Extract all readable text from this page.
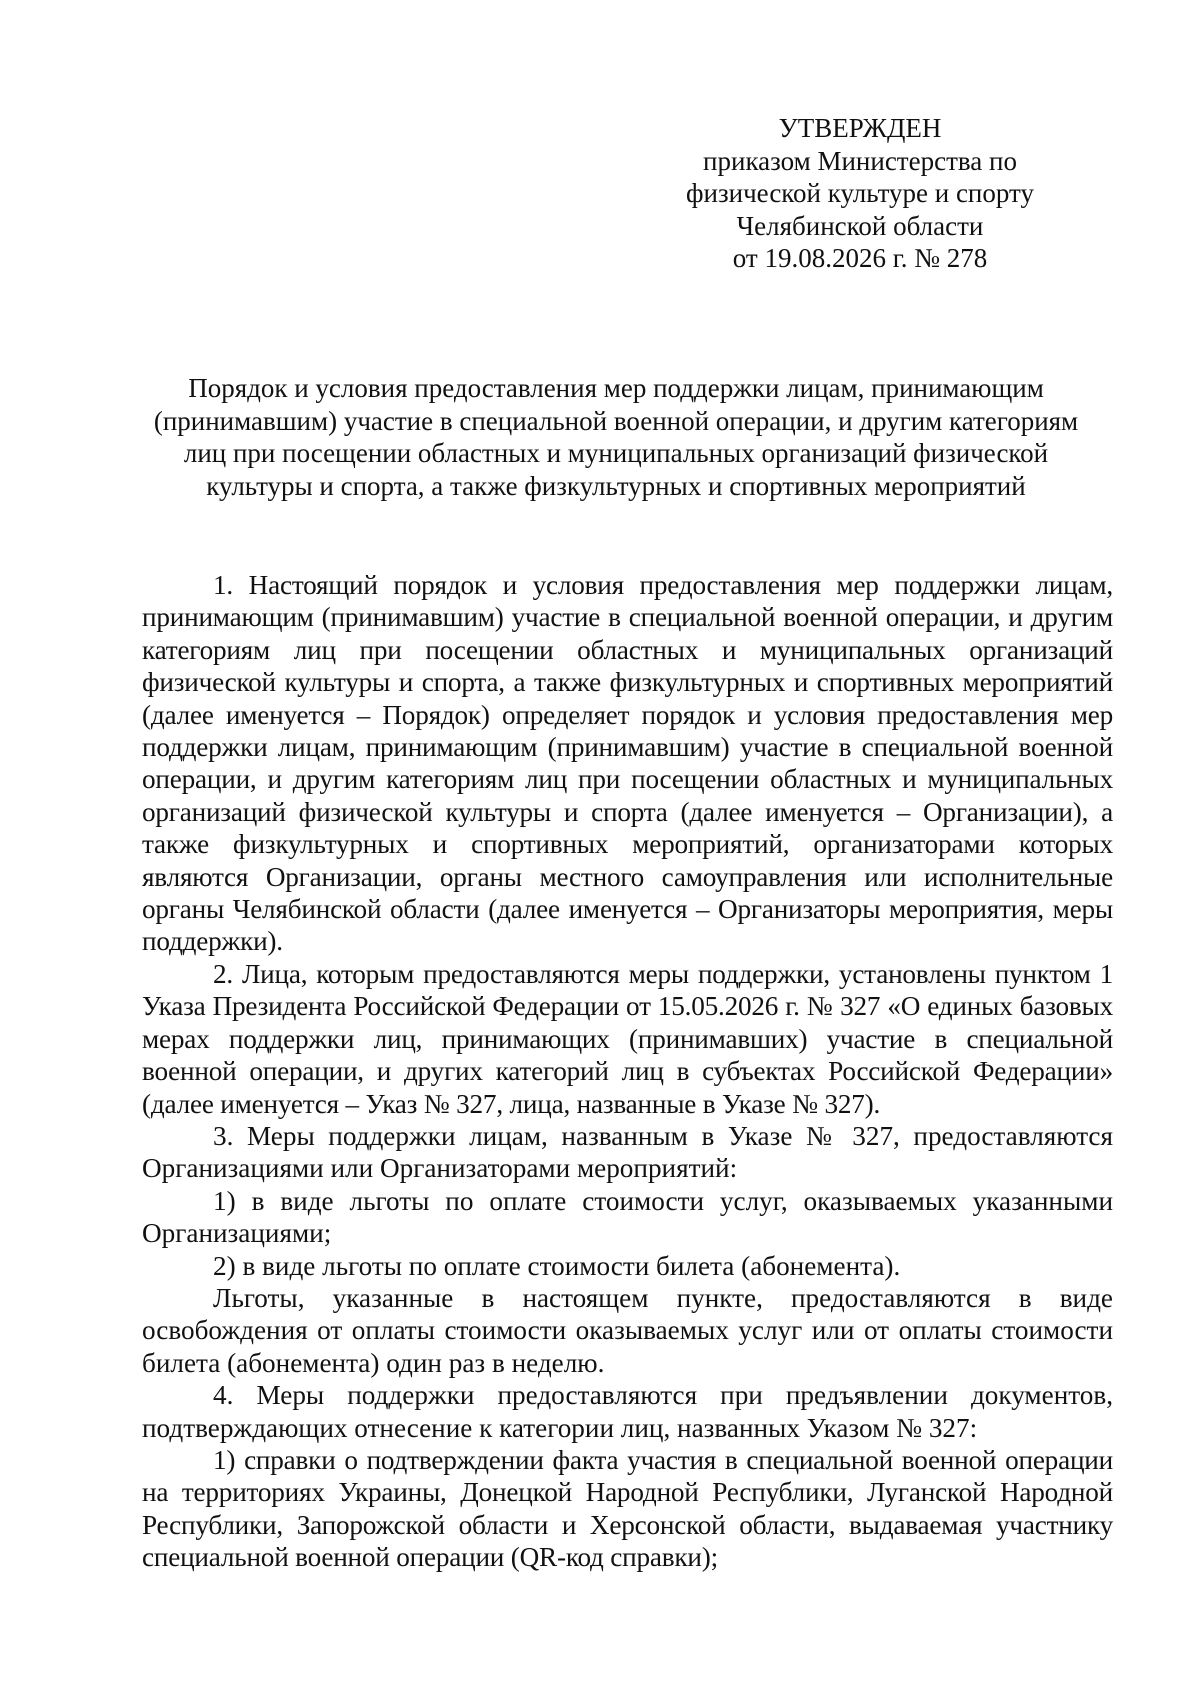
УТВЕРЖДЕН
приказом Министерства по
физической культуре и спорту
Челябинской области
от 19.08.2026 г. № 278
Порядок и условия предоставления мер поддержки лицам, принимающим
(принимавшим) участие в специальной военной операции, и другим категориям
лиц при посещении областных и муниципальных организаций физической
культуры и спорта, а также физкультурных и спортивных мероприятий

1. Настоящий порядок и условия предоставления мер поддержки лицам, принимающим (принимавшим) участие в специальной военной операции, и другим категориям лиц при посещении областных и муниципальных организаций физической культуры и спорта, а также физкультурных и спортивных мероприятий (далее именуется – Порядок) определяет порядок и условия предоставления мер поддержки лицам, принимающим (принимавшим) участие в специальной военной операции, и другим категориям лиц при посещении областных и муниципальных организаций физической культуры и спорта (далее именуется – Организации), а также физкультурных и спортивных мероприятий, организаторами которых являются Организации, органы местного самоуправления или исполнительные органы Челябинской области (далее именуется – Организаторы мероприятия, меры поддержки).

2. Лица, которым предоставляются меры поддержки, установлены пунктом 1 Указа Президента Российской Федерации от 15.05.2026 г. № 327 «О единых базовых мерах поддержки лиц, принимающих (принимавших) участие в специальной военной операции, и других категорий лиц в субъектах Российской Федерации» (далее именуется – Указ № 327, лица, названные в Указе № 327).

3. Меры поддержки лицам, названным в Указе № 327, предоставляются Организациями или Организаторами мероприятий:

1) в виде льготы по оплате стоимости услуг, оказываемых указанными Организациями;

2) в виде льготы по оплате стоимости билета (абонемента).

Льготы, указанные в настоящем пункте, предоставляются в виде освобождения от оплаты стоимости оказываемых услуг или от оплаты стоимости билета (абонемента) один раз в неделю.

4. Меры поддержки предоставляются при предъявлении документов, подтверждающих отнесение к категории лиц, названных Указом № 327:

1) справки о подтверждении факта участия в специальной военной операции на территориях Украины, Донецкой Народной Республики, Луганской Народной Республики, Запорожской области и Херсонской области, выдаваемая участнику специальной военной операции (QR-код справки);
